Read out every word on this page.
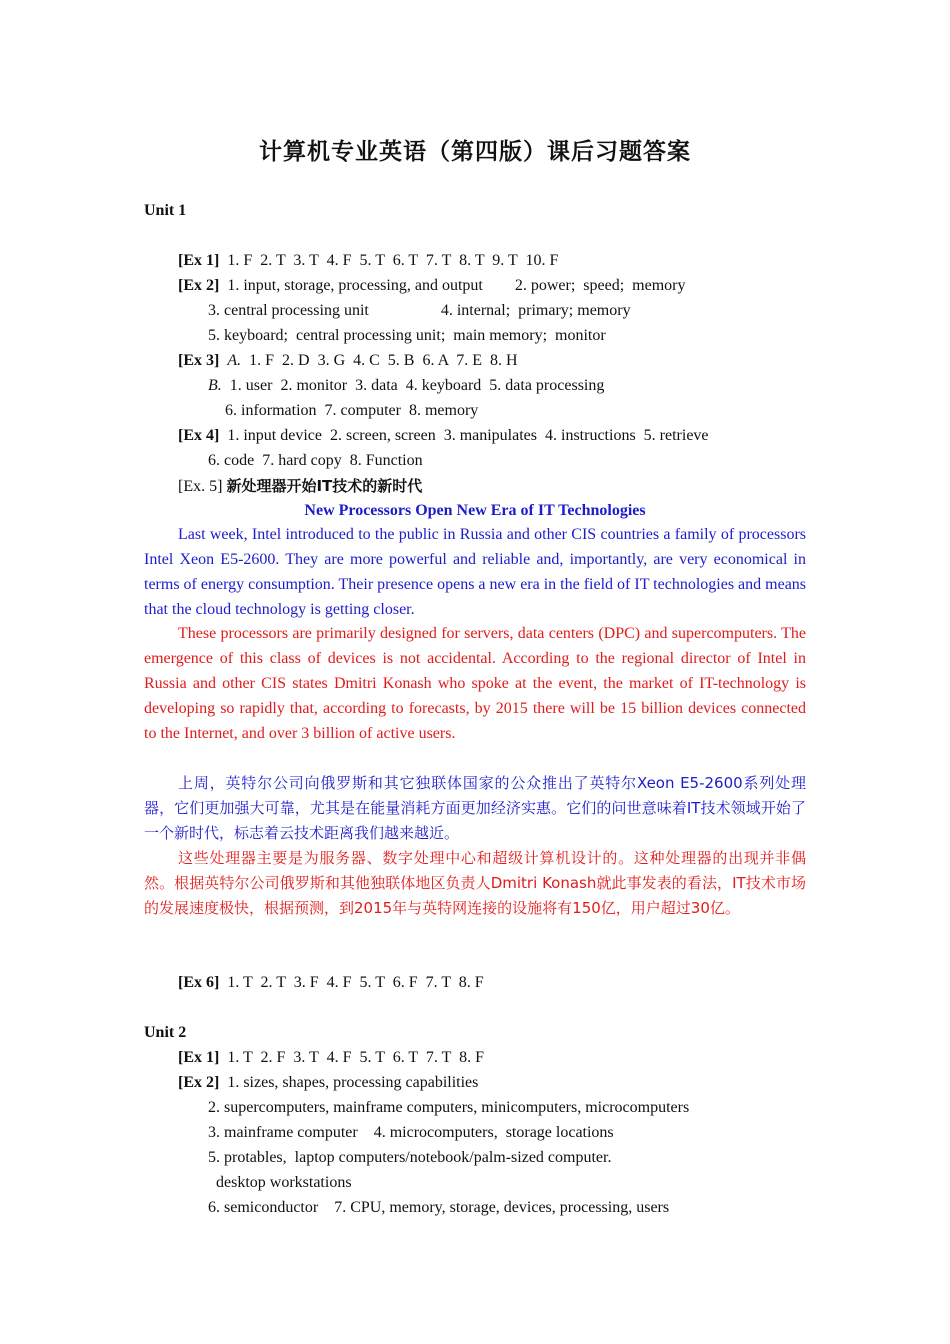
计算机专业英语（第四版）课后习题答案
Unit 1
[Ex 1] 1. F  2. T  3. T  4. F  5. T  6. T  7. T  8. T  9. T  10. F
[Ex 2] 1. input, storage, processing, and output        2. power;  speed;  memory
3. central processing unit                  4. internal;  primary; memory
5. keyboard;  central processing unit;  main memory;  monitor
[Ex 3] A.  1. F  2. D  3. G  4. C  5. B  6. A  7. E  8. H
B.  1. user  2. monitor  3. data  4. keyboard  5. data processing
6. information  7. computer  8. memory
[Ex 4] 1. input device  2. screen, screen  3. manipulates  4. instructions  5. retrieve
6. code  7. hard copy  8. Function
[Ex. 5] 新处理器开始IT技术的新时代
New Processors Open New Era of IT Technologies
Last week, Intel introduced to the public in Russia and other CIS countries a family of processors Intel Xeon E5-2600. They are more powerful and reliable and, importantly, are very economical in terms of energy consumption. Their presence opens a new era in the field of IT technologies and means that the cloud technology is getting closer.
These processors are primarily designed for servers, data centers (DPC) and supercomputers. The emergence of this class of devices is not accidental. According to the regional director of Intel in Russia and other CIS states Dmitri Konash who spoke at the event, the market of IT-technology is developing so rapidly that, according to forecasts, by 2015 there will be 15 billion devices connected to the Internet, and over 3 billion of active users.
上周，英特尔公司向俄罗斯和其它独联体国家的公众推出了英特尔Xeon E5-2600系列处理器，它们更加强大可靠，尤其是在能量消耗方面更加经济实惠。它们的问世意味着IT技术领域开始了一个新时代，标志着云技术距离我们越来越近。
这些处理器主要是为服务器、数字处理中心和超级计算机设计的。这种处理器的出现并非偶然。根据英特尔公司俄罗斯和其他独联体地区负责人Dmitri Konash就此事发表的看法，IT技术市场的发展速度极快，根据预测，到2015年与英特网连接的设施将有150亿，用户超过30亿。
[Ex 6] 1. T  2. T  3. F  4. F  5. T  6. F  7. T  8. F
Unit 2
[Ex 1] 1. T  2. F  3. T  4. F  5. T  6. T  7. T  8. F
[Ex 2] 1. sizes, shapes, processing capabilities
2. supercomputers, mainframe computers, minicomputers, microcomputers
3. mainframe computer    4. microcomputers,  storage locations
5. protables,  laptop computers/notebook/palm-sized computer.
desktop workstations
6. semiconductor    7. CPU, memory, storage, devices, processing, users
